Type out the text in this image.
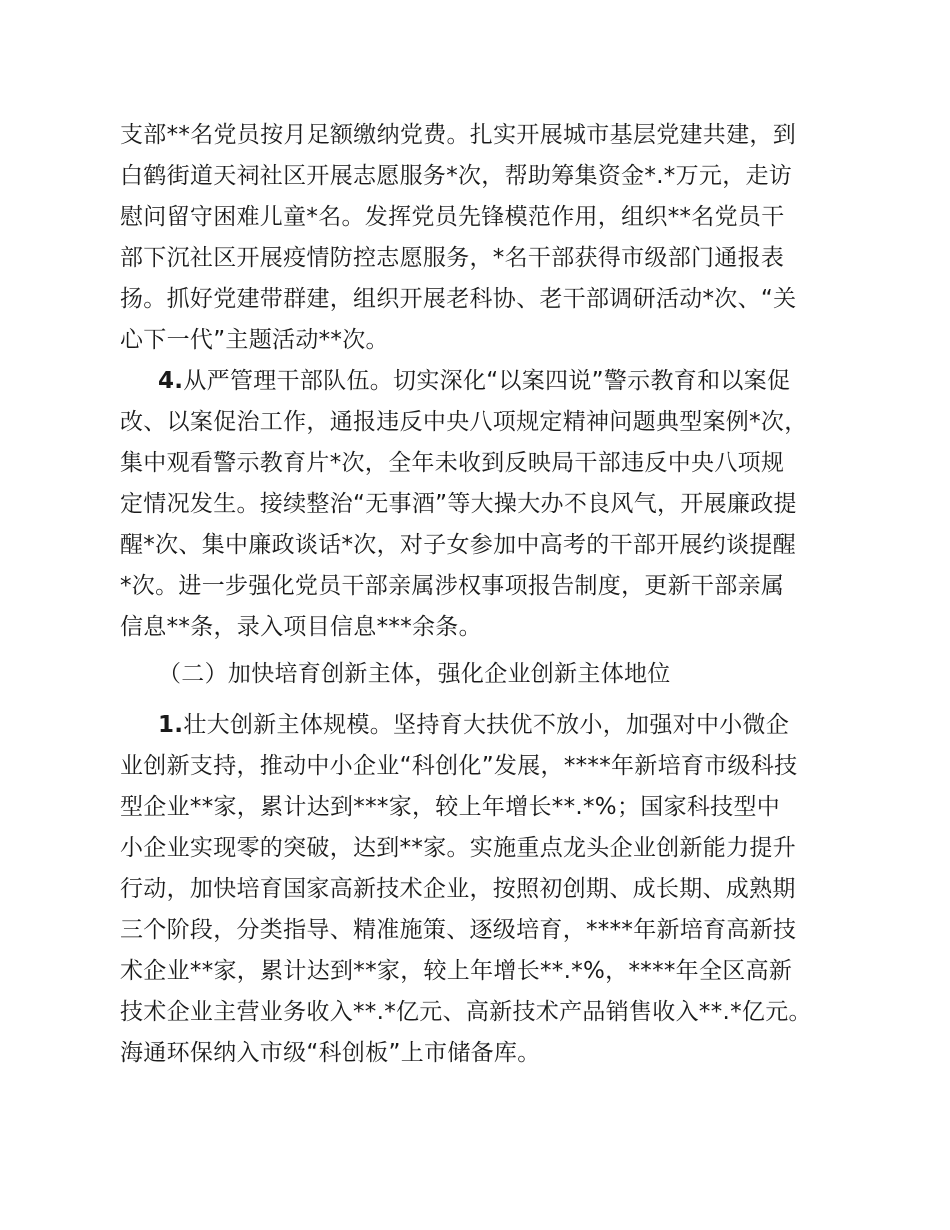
支部**名党员按月足额缴纳党费。扎实开展城市基层党建共建，到
白鹤街道天祠社区开展志愿服务*次，帮助筹集资金*.*万元，走访
慰问留守困难儿童*名。发挥党员先锋模范作用，组织**名党员干
部下沉社区开展疫情防控志愿服务，*名干部获得市级部门通报表
扬。抓好党建带群建，组织开展老科协、老干部调研活动*次、“关
心下一代”主题活动**次。
4.从严管理干部队伍。切实深化“以案四说”警示教育和以案促
改、以案促治工作，通报违反中央八项规定精神问题典型案例*次，
集中观看警示教育片*次，全年未收到反映局干部违反中央八项规
定情况发生。接续整治“无事酒”等大操大办不良风气，开展廉政提
醒*次、集中廉政谈话*次，对子女参加中高考的干部开展约谈提醒
*次。进一步强化党员干部亲属涉权事项报告制度，更新干部亲属
信息**条，录入项目信息***余条。
（二）加快培育创新主体，强化企业创新主体地位
1.壮大创新主体规模。坚持育大扶优不放小，加强对中小微企
业创新支持，推动中小企业“科创化”发展，****年新培育市级科技
型企业**家，累计达到***家，较上年增长**.*%；国家科技型中
小企业实现零的突破，达到**家。实施重点龙头企业创新能力提升
行动，加快培育国家高新技术企业，按照初创期、成长期、成熟期
三个阶段，分类指导、精准施策、逐级培育，****年新培育高新技
术企业**家，累计达到**家，较上年增长**.*%，****年全区高新
技术企业主营业务收入**.*亿元、高新技术产品销售收入**.*亿元。
海通环保纳入市级“科创板”上市储备库。
